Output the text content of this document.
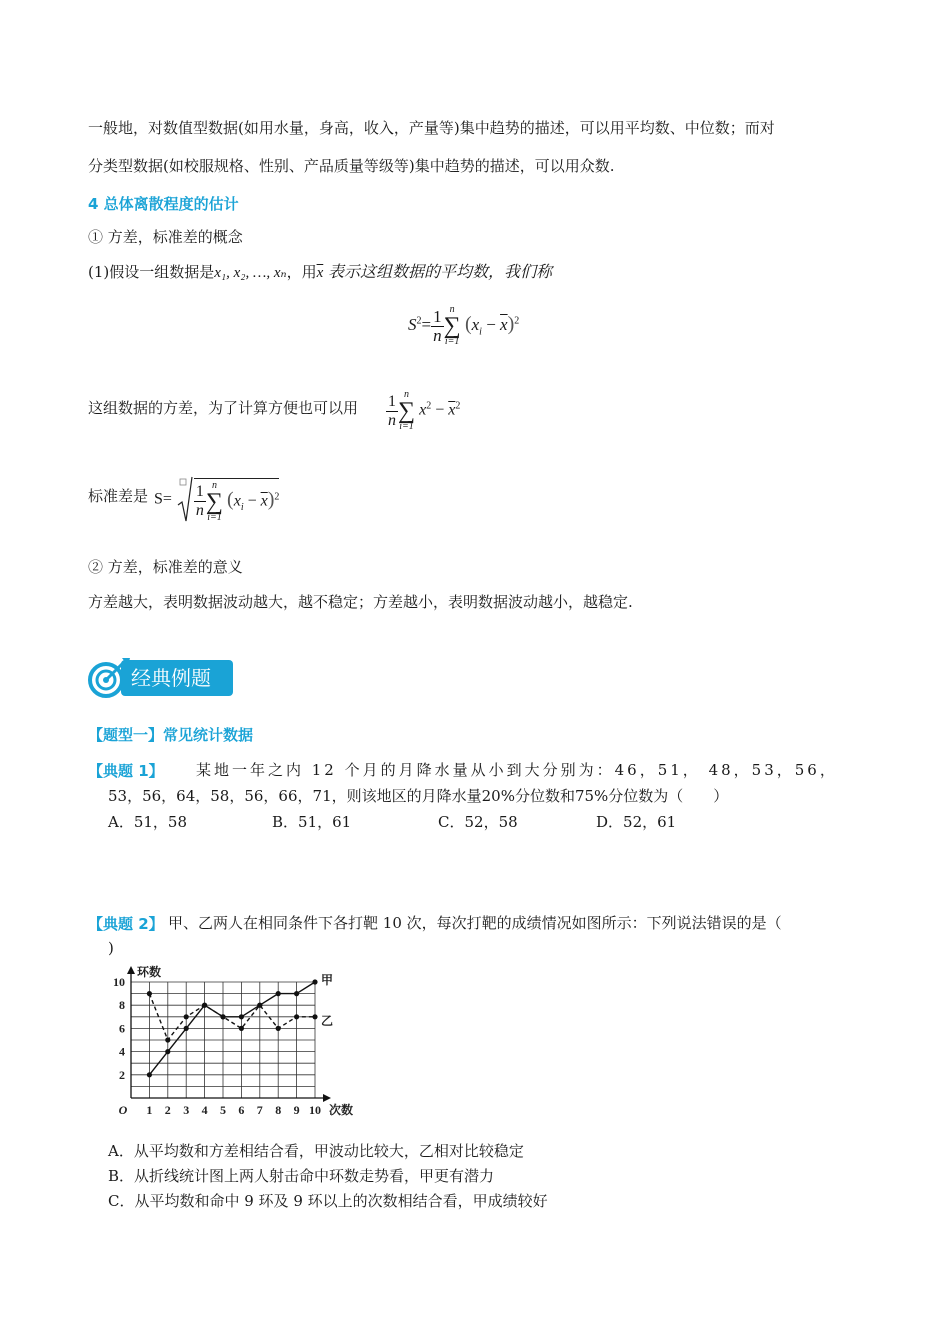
一般地，对数值型数据(如用水量，身高，收入，产量等)集中趋势的描述，可以用平均数、中位数；而对
分类型数据(如校服规格、性别、产品质量等级等)集中趋势的描述，可以用众数.
4 总体离散程度的估计
① 方差，标准差的概念
(1)假设一组数据是x₁, x₂, …, xₙ，用$\overline{x}$ 表示这组数据的平均数，我们称
$S^2= \frac{1}{n}$ n
∑
i=1
$(x_i - \overline{x})^2$
这组数据的方差，为了计算方便也可以用 $\frac{1}{n}$ n
∑
i=1
$x^2 - \overline{x}^2$
标准差是 $S= \frac{1}{n}$ n
∑
i=1
$(x_i - \overline{x})^2$
② 方差，标准差的意义
方差越大，表明数据波动越大，越不稳定；方差越小，表明数据波动越小，越稳定.
经典例题
【题型一】常见统计数据
【典题 1】 某地一年之内 12 个月的月降水量从小到大分别为：46，51， 48，53，56，
53，56，64，58，56，66，71，则该地区的月降水量20%分位数和75%分位数为（　　）
A．51，58	B．51，61	C．52，58	D．52，61
【典题 2】 甲、乙两人在相同条件下各打靶 10 次，每次打靶的成绩情况如图所示：下列说法错误的是（
)
2
4
6
8
10
1 2 3 4 5 6 7 8 9 10
O
环数
次数
甲
乙
A．从平均数和方差相结合看，甲波动比较大，乙相对比较稳定
B．从折线统计图上两人射击命中环数走势看，甲更有潜力
C．从平均数和命中 9 环及 9 环以上的次数相结合看，甲成绩较好
